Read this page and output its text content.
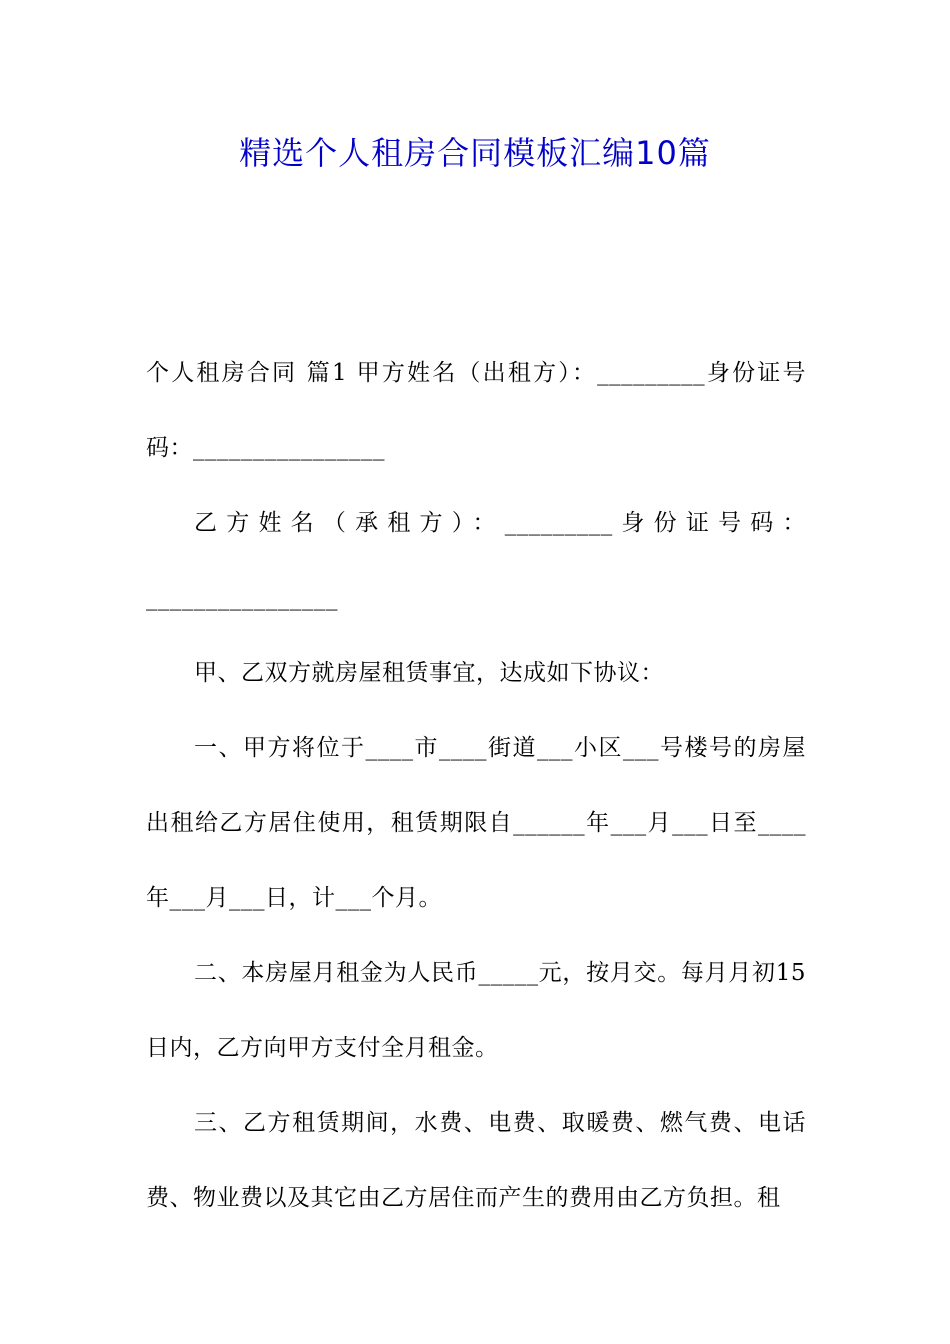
精选个人租房合同模板汇编10篇

个人租房合同 篇1 甲方姓名（出租方）：_________身份证号码：________________

乙方姓名（承租方）：_________身份证号码：________________

甲、乙双方就房屋租赁事宜，达成如下协议：

一、甲方将位于____市____街道___小区___号楼号的房屋出租给乙方居住使用，租赁期限自______年___月___日至____年___月___日，计___个月。

二、本房屋月租金为人民币_____元，按月交。每月月初15日内，乙方向甲方支付全月租金。

三、乙方租赁期间，水费、电费、取暖费、燃气费、电话费、物业费以及其它由乙方居住而产生的费用由乙方负担。租
